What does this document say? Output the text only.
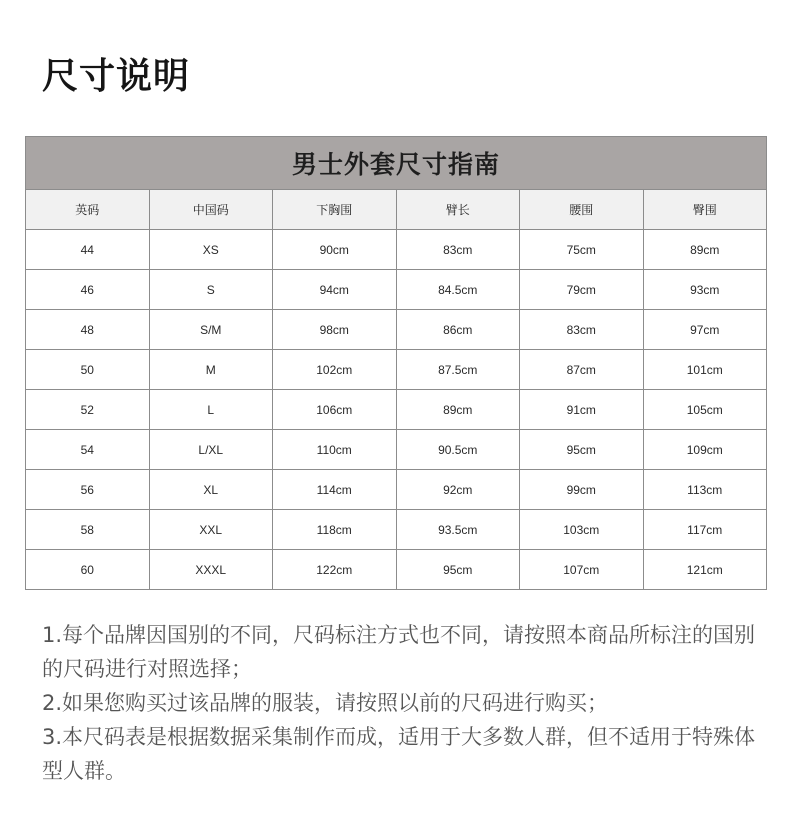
尺寸说明
男士外套尺寸指南					
英码	中国码	下胸围	臂长	腰围	臀围
44	XS	90cm	83cm	75cm	89cm
46	S	94cm	84.5cm	79cm	93cm
48	S/M	98cm	86cm	83cm	97cm
50	M	102cm	87.5cm	87cm	101cm
52	L	106cm	89cm	91cm	105cm
54	L/XL	110cm	90.5cm	95cm	109cm
56	XL	114cm	92cm	99cm	113cm
58	XXL	118cm	93.5cm	103cm	117cm
60	XXXL	122cm	95cm	107cm	121cm

1.每个品牌因国别的不同，尺码标注方式也不同，请按照本商品所标注的国别的尺码进行对照选择；

2.如果您购买过该品牌的服装，请按照以前的尺码进行购买；

3.本尺码表是根据数据采集制作而成，适用于大多数人群，但不适用于特殊体型人群。
